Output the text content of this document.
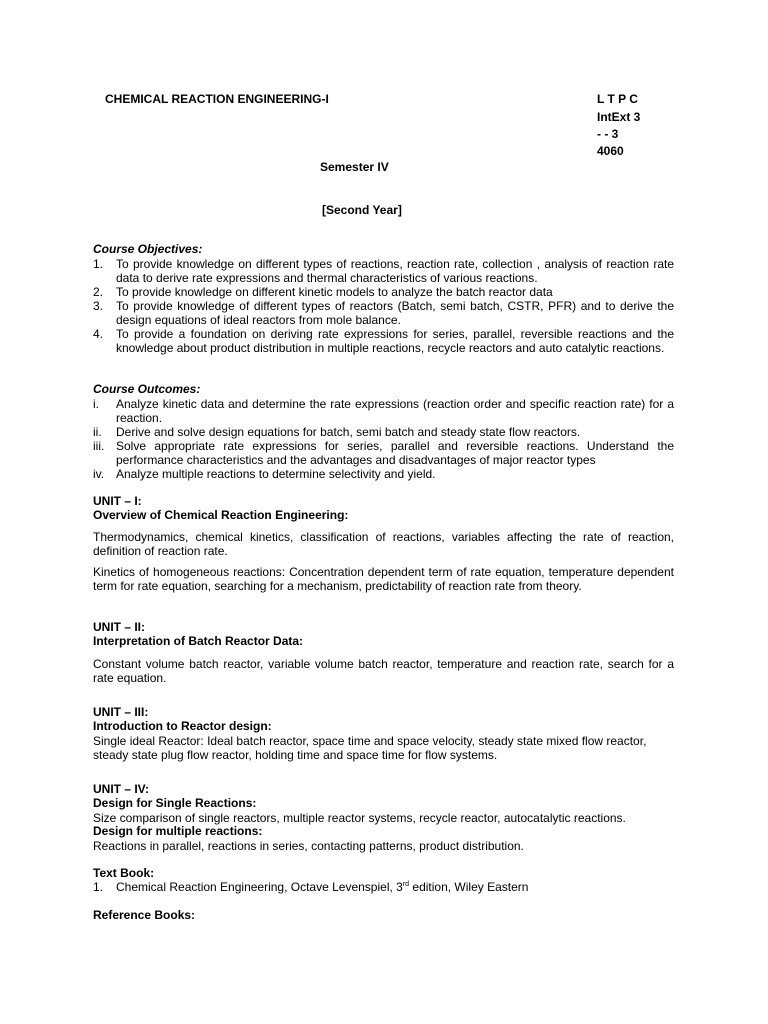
CHEMICAL REACTION ENGINEERING-I	L T P C
IntExt 3
- - 3
4060
Semester IV
[Second Year]
Course Objectives:
1. To provide knowledge on different types of reactions, reaction rate, collection , analysis of reaction rate data to derive rate expressions and thermal characteristics of various reactions.
2. To provide knowledge on different kinetic models to analyze the batch reactor data
3. To provide knowledge of different types of reactors (Batch, semi batch, CSTR, PFR) and to derive the design equations of ideal reactors from mole balance.
4. To provide a foundation on deriving rate expressions for series, parallel, reversible reactions and the knowledge about product distribution in multiple reactions, recycle reactors and auto catalytic reactions.
Course Outcomes:
i. Analyze kinetic data and determine the rate expressions (reaction order and specific reaction rate) for a reaction.
ii. Derive and solve design equations for batch, semi batch and steady state flow reactors.
iii. Solve appropriate rate expressions for series, parallel and reversible reactions. Understand the performance characteristics and the advantages and disadvantages of major reactor types
iv. Analyze multiple reactions to determine selectivity and yield.
UNIT – I:
Overview of Chemical Reaction Engineering:
Thermodynamics, chemical kinetics, classification of reactions, variables affecting the rate of reaction, definition of reaction rate.
Kinetics of homogeneous reactions: Concentration dependent term of rate equation, temperature dependent term for rate equation, searching for a mechanism, predictability of reaction rate from theory.
UNIT – II:
Interpretation of Batch Reactor Data:
Constant volume batch reactor, variable volume batch reactor, temperature and reaction rate, search for a rate equation.
UNIT – III:
Introduction to Reactor design:
Single ideal Reactor: Ideal batch reactor, space time and space velocity, steady state mixed flow reactor, steady state plug flow reactor, holding time and space time for flow systems.
UNIT – IV:
Design for Single Reactions:
Size comparison of single reactors, multiple reactor systems, recycle reactor, autocatalytic reactions.
Design for multiple reactions:
Reactions in parallel, reactions in series, contacting patterns, product distribution.
Text Book:
1. Chemical Reaction Engineering, Octave Levenspiel, 3rd edition, Wiley Eastern
Reference Books:
